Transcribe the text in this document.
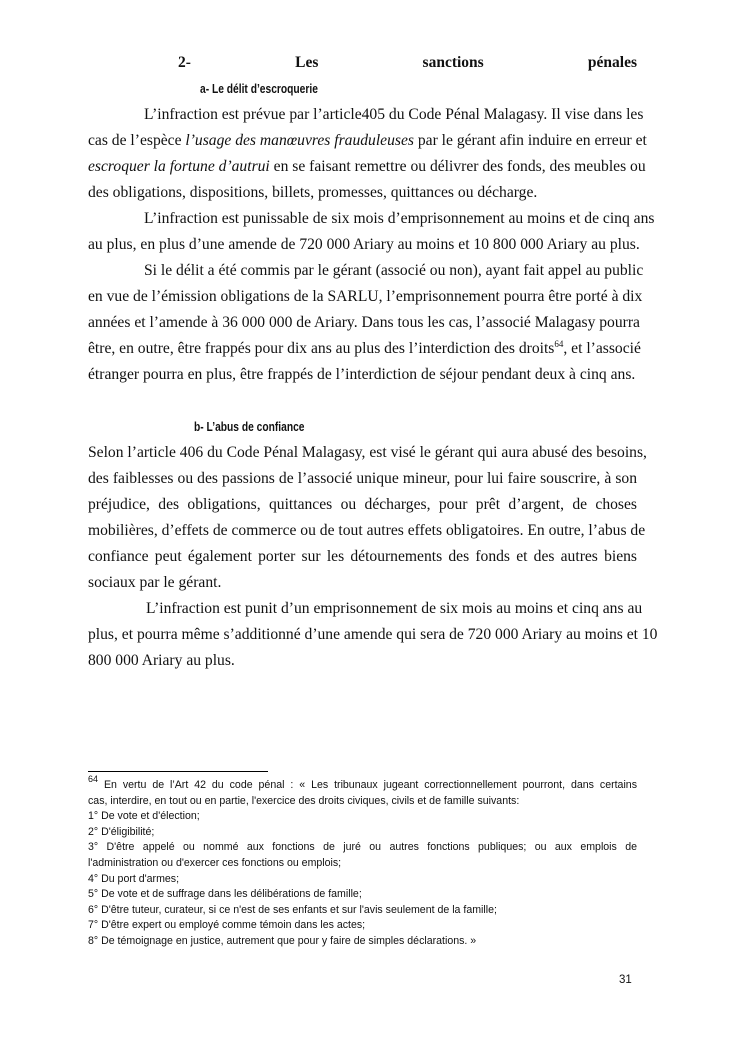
2- Les sanctions pénales
a- Le délit d’escroquerie
L’infraction est prévue par l’article405 du Code Pénal Malagasy. Il vise dans les
cas de l’espèce l’usage des manœuvres frauduleuses par le gérant afin induire en erreur et
escroquer la fortune d’autrui en se faisant remettre ou délivrer des fonds, des meubles ou
des obligations, dispositions, billets, promesses, quittances ou décharge.
L’infraction est punissable de six mois d’emprisonnement au moins et de cinq ans
au plus, en plus d’une amende de 720 000 Ariary au moins et 10 800 000 Ariary au plus.
Si le délit a été commis par le gérant (associé ou non), ayant fait appel au public
en vue de l’émission obligations de la SARLU, l’emprisonnement pourra être porté à dix
années et l’amende à 36 000 000 de Ariary. Dans tous les cas, l’associé Malagasy pourra
être, en outre, être frappés pour dix ans au plus des l’interdiction des droits$^{64}$, et l’associé
étranger pourra en plus, être frappés de l’interdiction de séjour pendant deux à cinq ans.
b- L’abus de confiance
Selon l’article 406 du Code Pénal Malagasy, est visé le gérant qui aura abusé des besoins,
des faiblesses ou des passions de l’associé unique mineur, pour lui faire souscrire, à son
préjudice, des obligations, quittances ou décharges, pour prêt d’argent, de choses
mobilières, d’effets de commerce ou de tout autres effets obligatoires. En outre, l’abus de
confiance peut également porter sur les détournements des fonds et des autres biens
sociaux par le gérant.
L’infraction est punit d’un emprisonnement de six mois au moins et cinq ans au
plus, et pourra même s’additionné d’une amende qui sera de 720 000 Ariary au moins et 10
800 000 Ariary au plus.
$^{64}$ En vertu de l’Art 42 du code pénal : « Les tribunaux jugeant correctionnellement pourront, dans certains
cas, interdire, en tout ou en partie, l'exercice des droits civiques, civils et de famille suivants:
1° De vote et d'élection;
2° D'éligibilité;
3° D'être appelé ou nommé aux fonctions de juré ou autres fonctions publiques; ou aux emplois de
l'administration ou d'exercer ces fonctions ou emplois;
4° Du port d'armes;
5° De vote et de suffrage dans les délibérations de famille;
6° D'être tuteur, curateur, si ce n'est de ses enfants et sur l'avis seulement de la famille;
7° D'être expert ou employé comme témoin dans les actes;
8° De témoignage en justice, autrement que pour y faire de simples déclarations. »
31
